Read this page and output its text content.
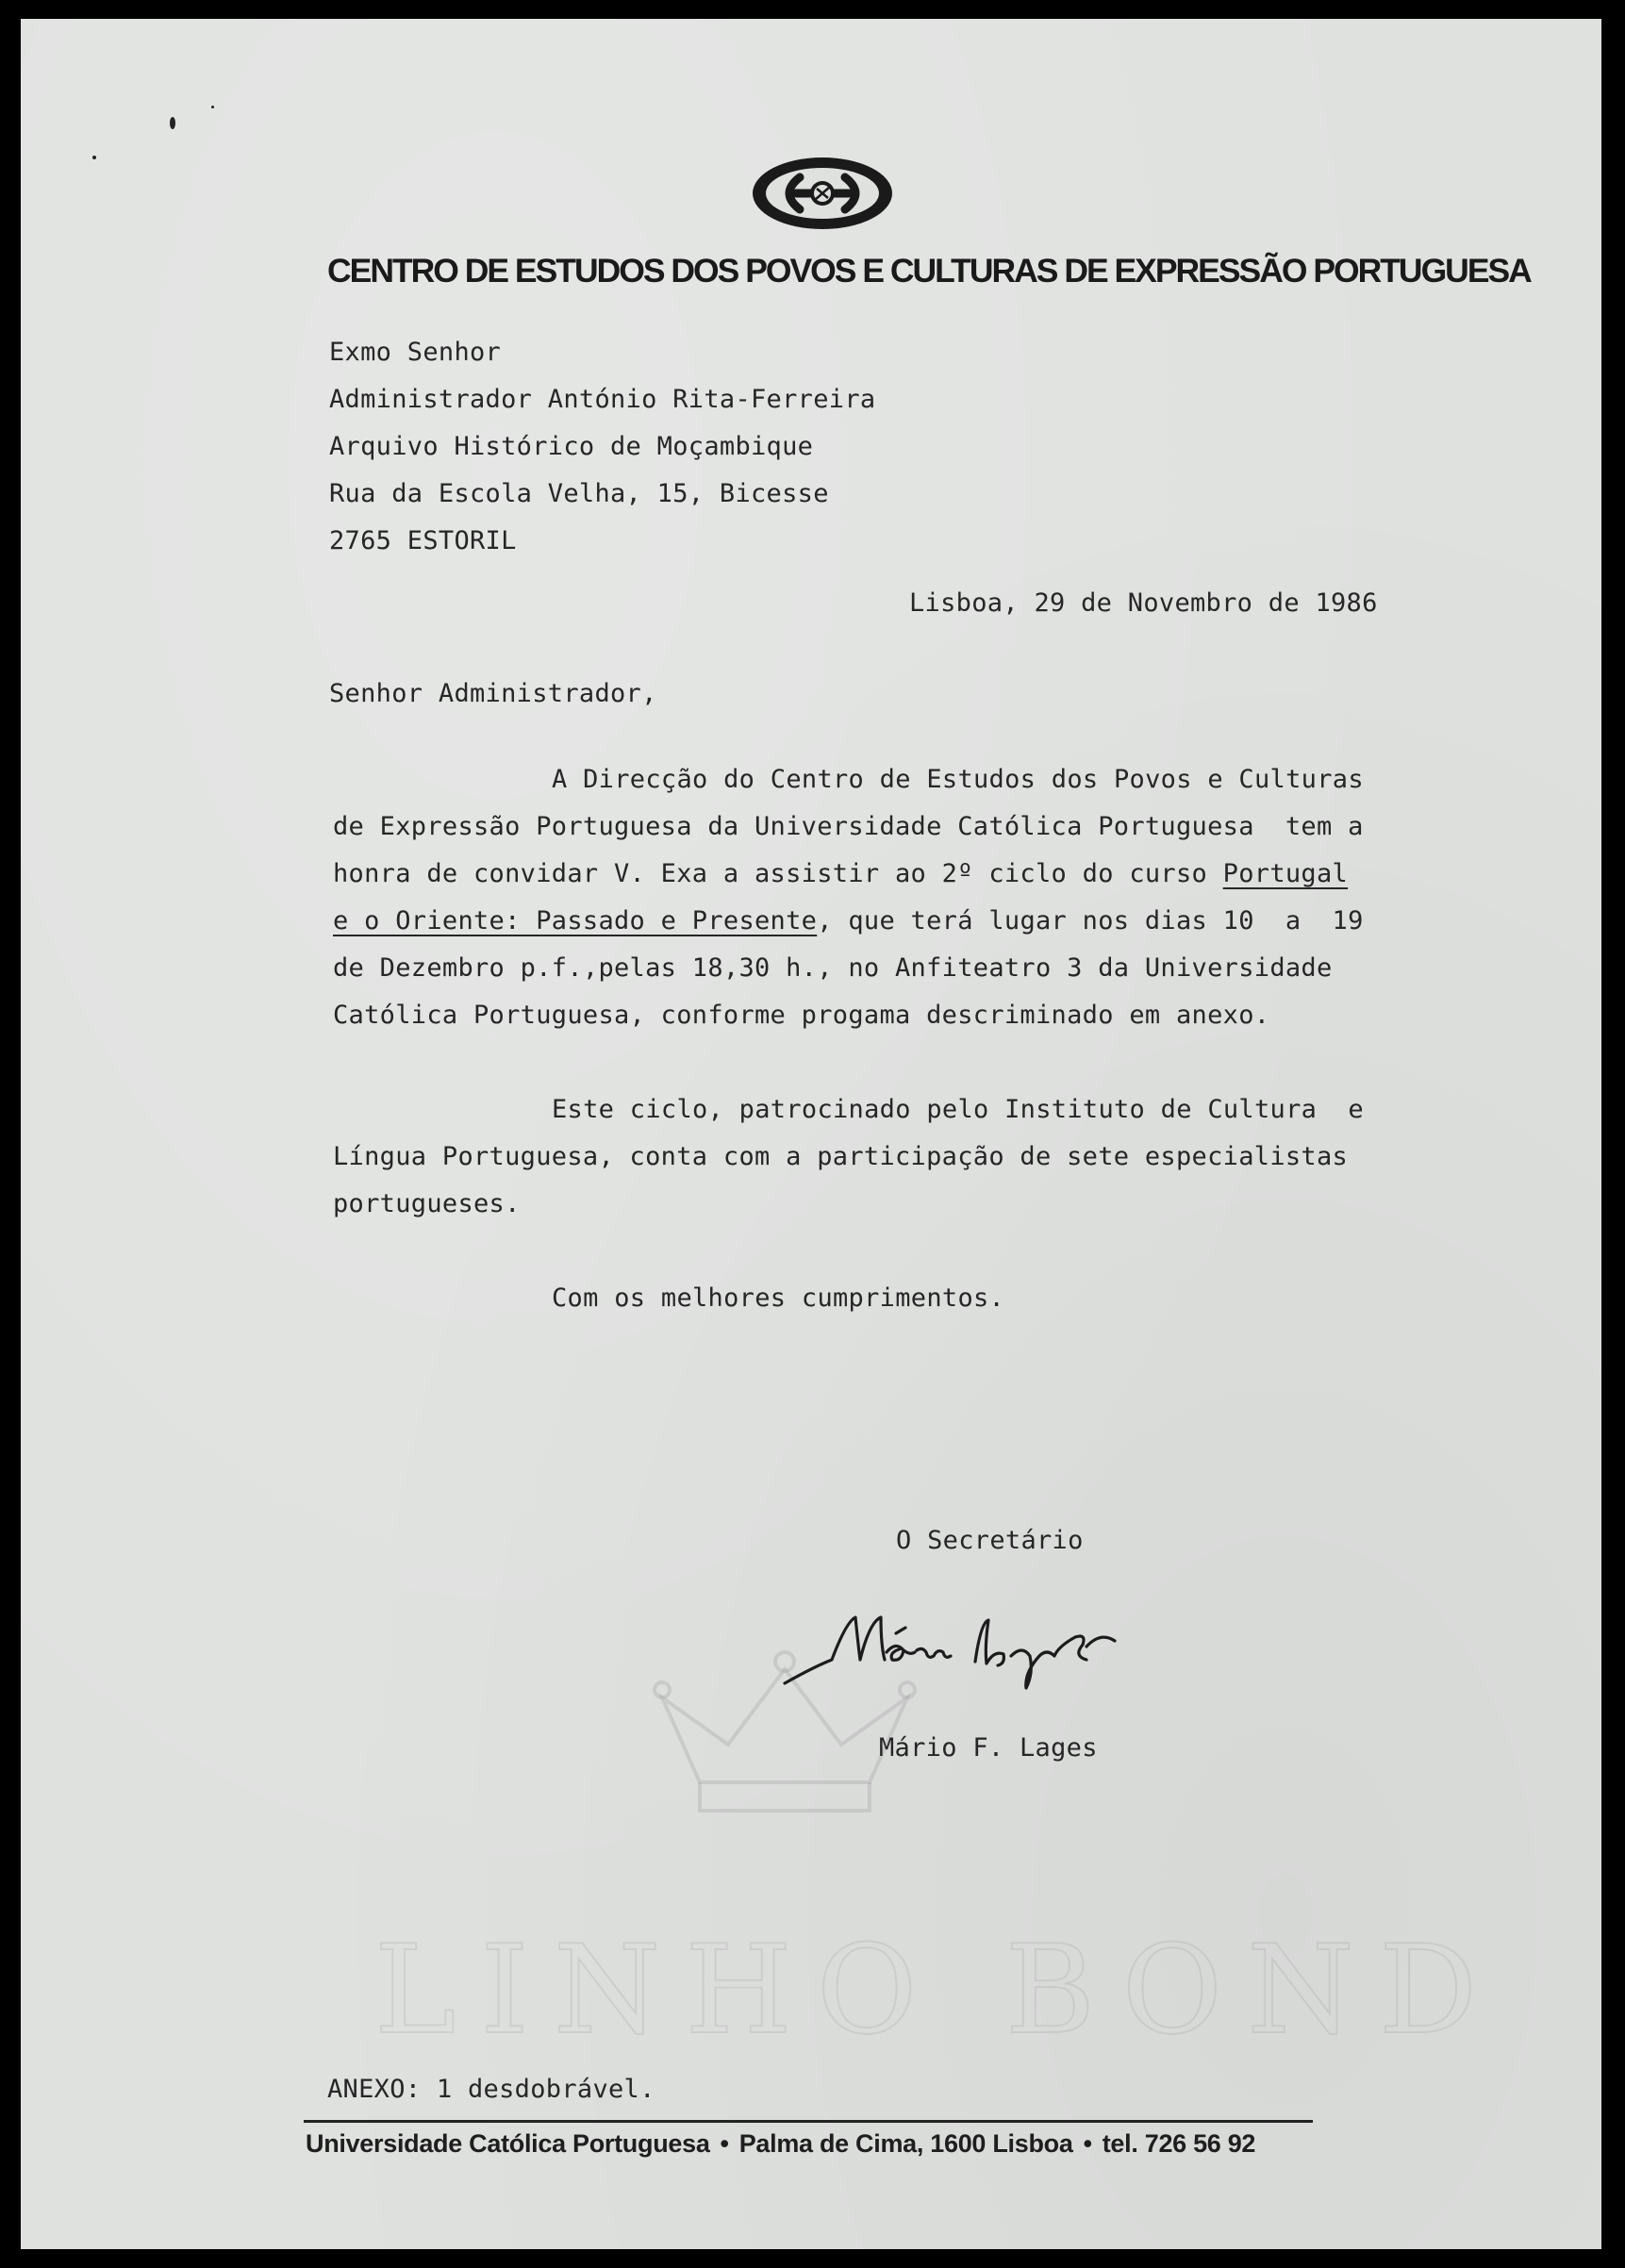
CENTRO DE ESTUDOS DOS POVOS E CULTURAS DE EXPRESSÃO PORTUGUESA
Exmo Senhor
Administrador António Rita-Ferreira
Arquivo Histórico de Moçambique
Rua da Escola Velha, 15, Bicesse
2765 ESTORIL
Lisboa, 29 de Novembro de 1986
Senhor Administrador,
A Direcção do Centro de Estudos dos Povos e Culturas
de Expressão Portuguesa da Universidade Católica Portuguesa  tem a
honra de convidar V. Exa a assistir ao 2º ciclo do curso Portugal
e o Oriente: Passado e Presente, que terá lugar nos dias 10  a  19
de Dezembro p.f.,pelas 18,30 h., no Anfiteatro 3 da Universidade
Católica Portuguesa, conforme progama descriminado em anexo.
Este ciclo, patrocinado pelo Instituto de Cultura  e
Língua Portuguesa, conta com a participação de sete especialistas
portugueses.
Com os melhores cumprimentos.
O Secretário
Mário F. Lages
LINHO BOND
ANEXO: 1 desdobrável.
Universidade Católica Portuguesa • Palma de Cima, 1600 Lisboa • tel. 726 56 92
